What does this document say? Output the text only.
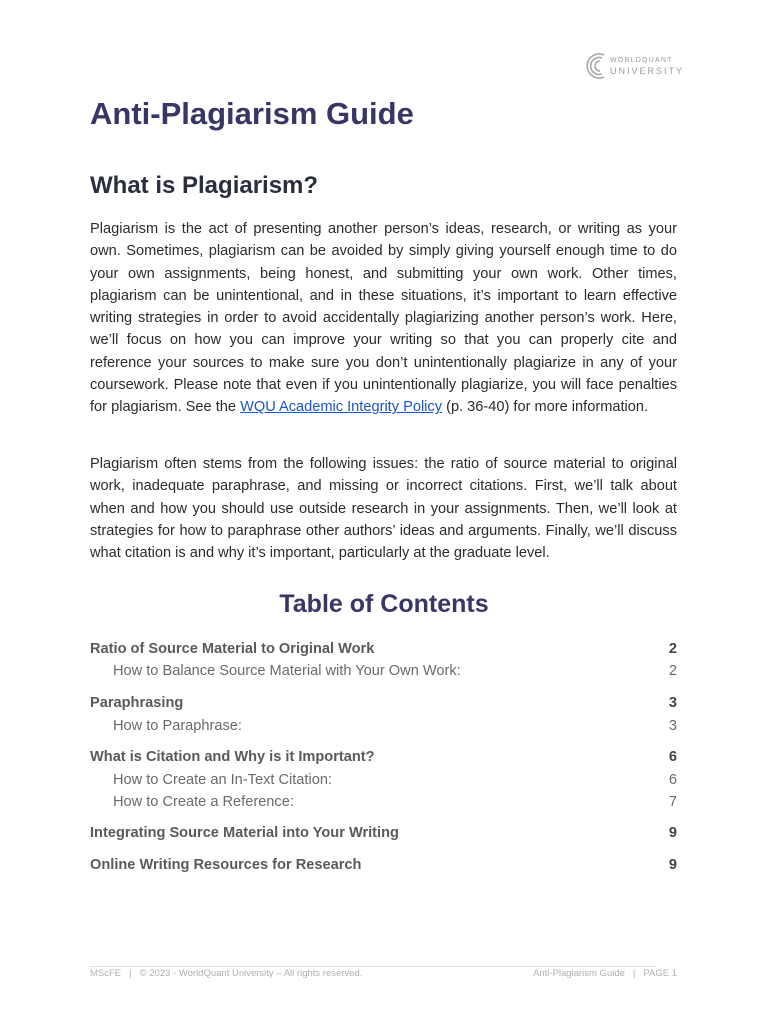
WORLDQUANT
UNIVERSITY
Anti-Plagiarism Guide
What is Plagiarism?

Plagiarism is the act of presenting another person’s ideas, research, or writing as your own. Sometimes, plagiarism can be avoided by simply giving yourself enough time to do your own assignments, being honest, and submitting your own work. Other times, plagiarism can be unintentional, and in these situations, it’s important to learn effective writing strategies in order to avoid accidentally plagiarizing another person’s work. Here, we’ll focus on how you can improve your writing so that you can properly cite and reference your sources to make sure you don’t unintentionally plagiarize in any of your coursework. Please note that even if you unintentionally plagiarize, you will face penalties for plagiarism. See the WQU Academic Integrity Policy (p. 36-40) for more information.

Plagiarism often stems from the following issues: the ratio of source material to original work, inadequate paraphrase, and missing or incorrect citations. First, we’ll talk about when and how you should use outside research in your assignments. Then, we’ll look at strategies for how to paraphrase other authors’ ideas and arguments. Finally, we’ll discuss what citation is and why it’s important, particularly at the graduate level.

Table of Contents
Ratio of Source Material to Original Work	2
How to Balance Source Material with Your Own Work:	2
Paraphrasing	3
How to Paraphrase:	3
What is Citation and Why is it Important?	6
How to Create an In-Text Citation:	6
How to Create a Reference:	7
Integrating Source Material into Your Writing	9
Online Writing Resources for Research	9
MScFE | © 2023 - WorldQuant University – All rights reserved.	Anti-Plagiarism Guide | PAGE 1
